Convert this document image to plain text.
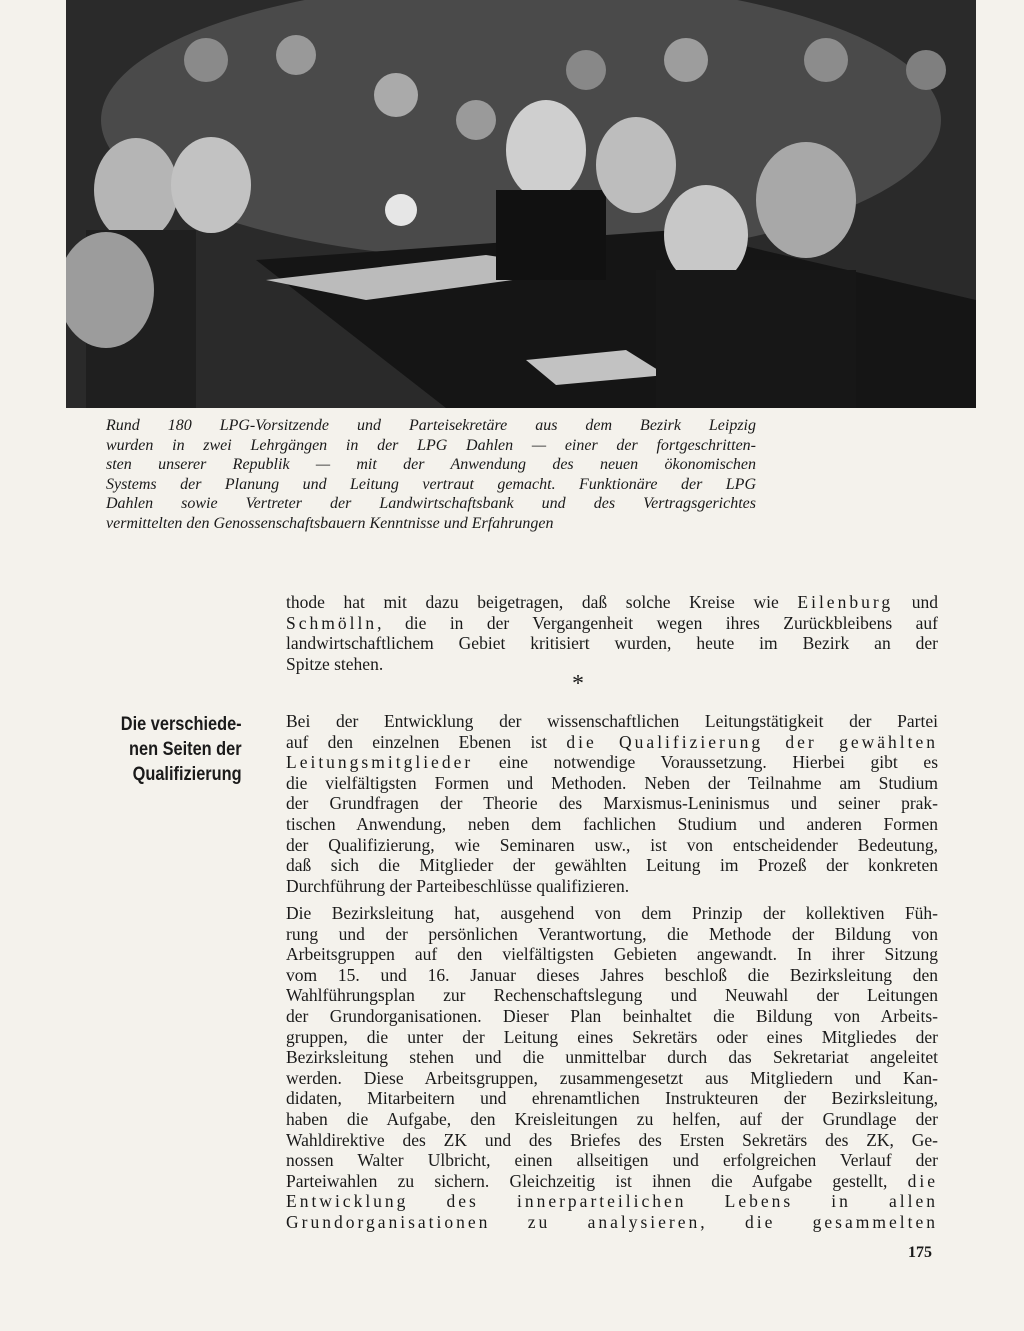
Rund 180 LPG-Vorsitzende und Parteisekretäre aus dem Bezirk Leipzig
wurden in zwei Lehrgängen in der LPG Dahlen — einer der fortgeschritten-
sten unserer Republik — mit der Anwendung des neuen ökonomischen
Systems der Planung und Leitung vertraut gemacht. Funktionäre der LPG
Dahlen sowie Vertreter der Landwirtschaftsbank und des Vertragsgerichtes
vermittelten den Genossenschaftsbauern Kenntnisse und Erfahrungen
thode hat mit dazu beigetragen, daß solche Kreise wie Eilenburg und
Schmölln, die in der Vergangenheit wegen ihres Zurückbleibens auf
landwirtschaftlichem Gebiet kritisiert wurden, heute im Bezirk an der
Spitze stehen.
*
Die verschiede-
nen Seiten der
Qualifizierung
Bei der Entwicklung der wissenschaftlichen Leitungstätigkeit der Partei
auf den einzelnen Ebenen ist die Qualifizierung der gewählten
Leitungsmitglieder eine notwendige Voraussetzung. Hierbei gibt es
die vielfältigsten Formen und Methoden. Neben der Teilnahme am Studium
der Grundfragen der Theorie des Marxismus-Leninismus und seiner prak-
tischen Anwendung, neben dem fachlichen Studium und anderen Formen
der Qualifizierung, wie Seminaren usw., ist von entscheidender Bedeutung,
daß sich die Mitglieder der gewählten Leitung im Prozeß der konkreten
Durchführung der Parteibeschlüsse qualifizieren.
Die Bezirksleitung hat, ausgehend von dem Prinzip der kollektiven Füh-
rung und der persönlichen Verantwortung, die Methode der Bildung von
Arbeitsgruppen auf den vielfältigsten Gebieten angewandt. In ihrer Sitzung
vom 15. und 16. Januar dieses Jahres beschloß die Bezirksleitung den
Wahlführungsplan zur Rechenschaftslegung und Neuwahl der Leitungen
der Grundorganisationen. Dieser Plan beinhaltet die Bildung von Arbeits-
gruppen, die unter der Leitung eines Sekretärs oder eines Mitgliedes der
Bezirksleitung stehen und die unmittelbar durch das Sekretariat angeleitet
werden. Diese Arbeitsgruppen, zusammengesetzt aus Mitgliedern und Kan-
didaten, Mitarbeitern und ehrenamtlichen Instrukteuren der Bezirksleitung,
haben die Aufgabe, den Kreisleitungen zu helfen, auf der Grundlage der
Wahldirektive des ZK und des Briefes des Ersten Sekretärs des ZK, Ge-
nossen Walter Ulbricht, einen allseitigen und erfolgreichen Verlauf der
Parteiwahlen zu sichern. Gleichzeitig ist ihnen die Aufgabe gestellt, die
Entwicklung des innerparteilichen Lebens in allen
Grundorganisationen zu analysieren, die gesammelten
175
